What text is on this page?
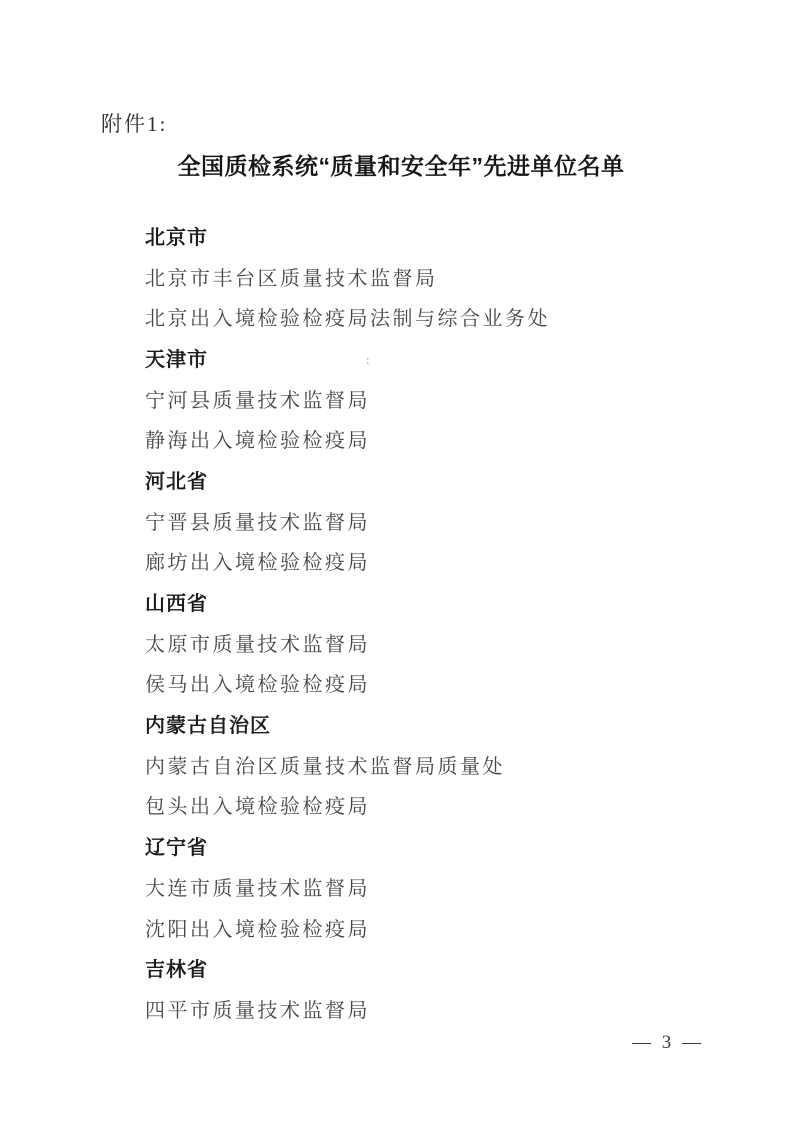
附件1:
全国质检系统“质量和安全年”先进单位名单
:
北京市
北京市丰台区质量技术监督局
北京出入境检验检疫局法制与综合业务处
天津市
宁河县质量技术监督局
静海出入境检验检疫局
河北省
宁晋县质量技术监督局
廊坊出入境检验检疫局
山西省
太原市质量技术监督局
侯马出入境检验检疫局
内蒙古自治区
内蒙古自治区质量技术监督局质量处
包头出入境检验检疫局
辽宁省
大连市质量技术监督局
沈阳出入境检验检疫局
吉林省
四平市质量技术监督局
— 3 —
